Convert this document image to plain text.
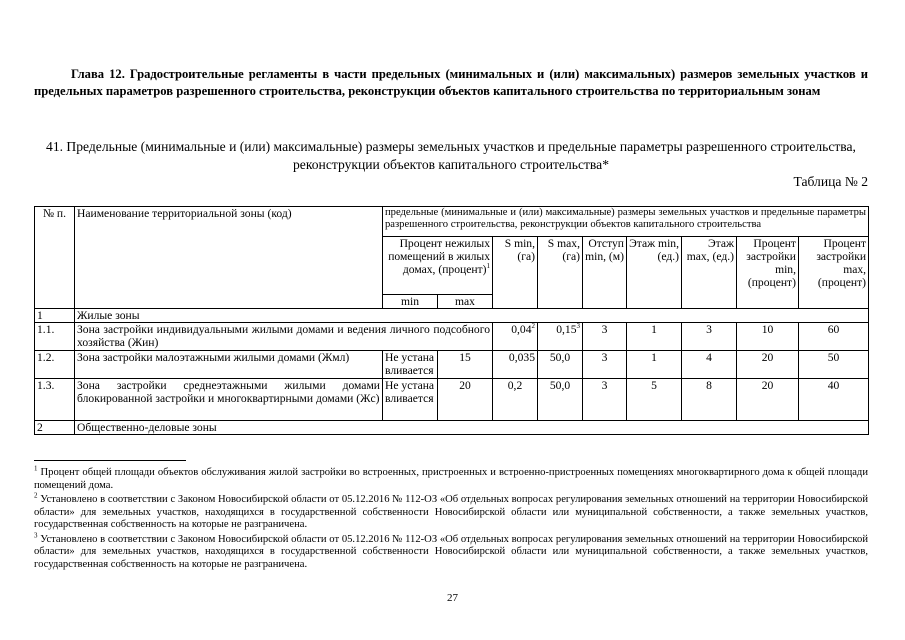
Глава 12. Градостроительные регламенты в части предельных (минимальных и (или) максимальных) размеров земельных участков и предельных параметров разрешенного строительства, реконструкции объектов капитального строительства по территориальным зонам
41. Предельные (минимальные и (или) максимальные) размеры земельных участков и предельные параметры разрешенного строительства, реконструкции объектов капитального строительства*
Таблица № 2
№ п.	Наименование территориальной зоны (код)	предельные (минимальные и (или) максимальные) размеры земельных участков и предельные параметры разрешенного строительства, реконструкции объектов капитального строительства								
		Процент нежилых помещений в жилых домах, (процент)$^1$		S min, (га)	S max, (га)	Отступ min, (м)	Этаж min, (ед.)	Этаж max, (ед.)	Процент застройки min, (процент)	Процент застройки max, (процент)
		min	max							
1	Жилые зоны									
1.1.	Зона застройки индивидуальными жилыми домами и ведения личного подсобного хозяйства (Жин)			0,04$^2$	0,15$^3$	3	1	3	10	60
1.2.	Зона застройки малоэтажными жилыми домами (Жмл)	Не устана вливается	15	0,035	50,0	3	1	4	20	50
1.3.	Зона застройки среднеэтажными жилыми домами блокированной застройки и многоквартирными домами (Жс)	Не устана вливается	20	0,2	50,0	3	5	8	20	40
2	Общественно-деловые зоны									

$^1$ Процент общей площади объектов обслуживания жилой застройки во встроенных, пристроенных и встроенно-пристроенных помещениях многоквартирного дома к общей площади помещений дома.

$^2$ Установлено в соответствии с Законом Новосибирской области от 05.12.2016 № 112-ОЗ «Об отдельных вопросах регулирования земельных отношений на территории Новосибирской области» для земельных участков, находящихся в государственной собственности Новосибирской области или муниципальной собственности, а также земельных участков, государственная собственность на которые не разграничена.

$^3$ Установлено в соответствии с Законом Новосибирской области от 05.12.2016 № 112-ОЗ «Об отдельных вопросах регулирования земельных отношений на территории Новосибирской области» для земельных участков, находящихся в государственной собственности Новосибирской области или муниципальной собственности, а также земельных участков, государственная собственность на которые не разграничена.

27
